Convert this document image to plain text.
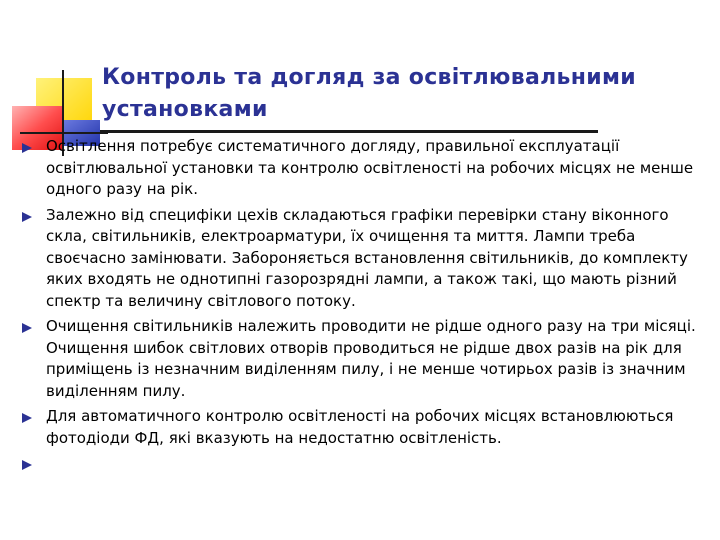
Контроль та догляд за освітлювальними установками
Освітлення потребує систематичного догляду, правильної експлуатації освітлювальної установки та контролю освітленості на робочих місцях не менше одного разу на рік.
Залежно від специфіки цехів складаються графіки перевірки стану віконного скла, світильників, електроарматури, їх очищення та миття. Лампи треба своєчасно замінювати. Забороняється встановлення світильників, до комплекту яких входять не однотипні газорозрядні лампи, а також такі, що мають різний спектр та величину світлового потоку.
Очищення світильників належить проводити не рідше одного разу на три місяці. Очищення шибок світлових отворів проводиться не рідше двох разів на рік для приміщень із незначним виділенням пилу, і не менше чотирьох разів із значним виділенням пилу.
Для автоматичного контролю освітленості на робочих місцях встановлюються фотодіоди ФД, які вказують на недостатню освітленість.
